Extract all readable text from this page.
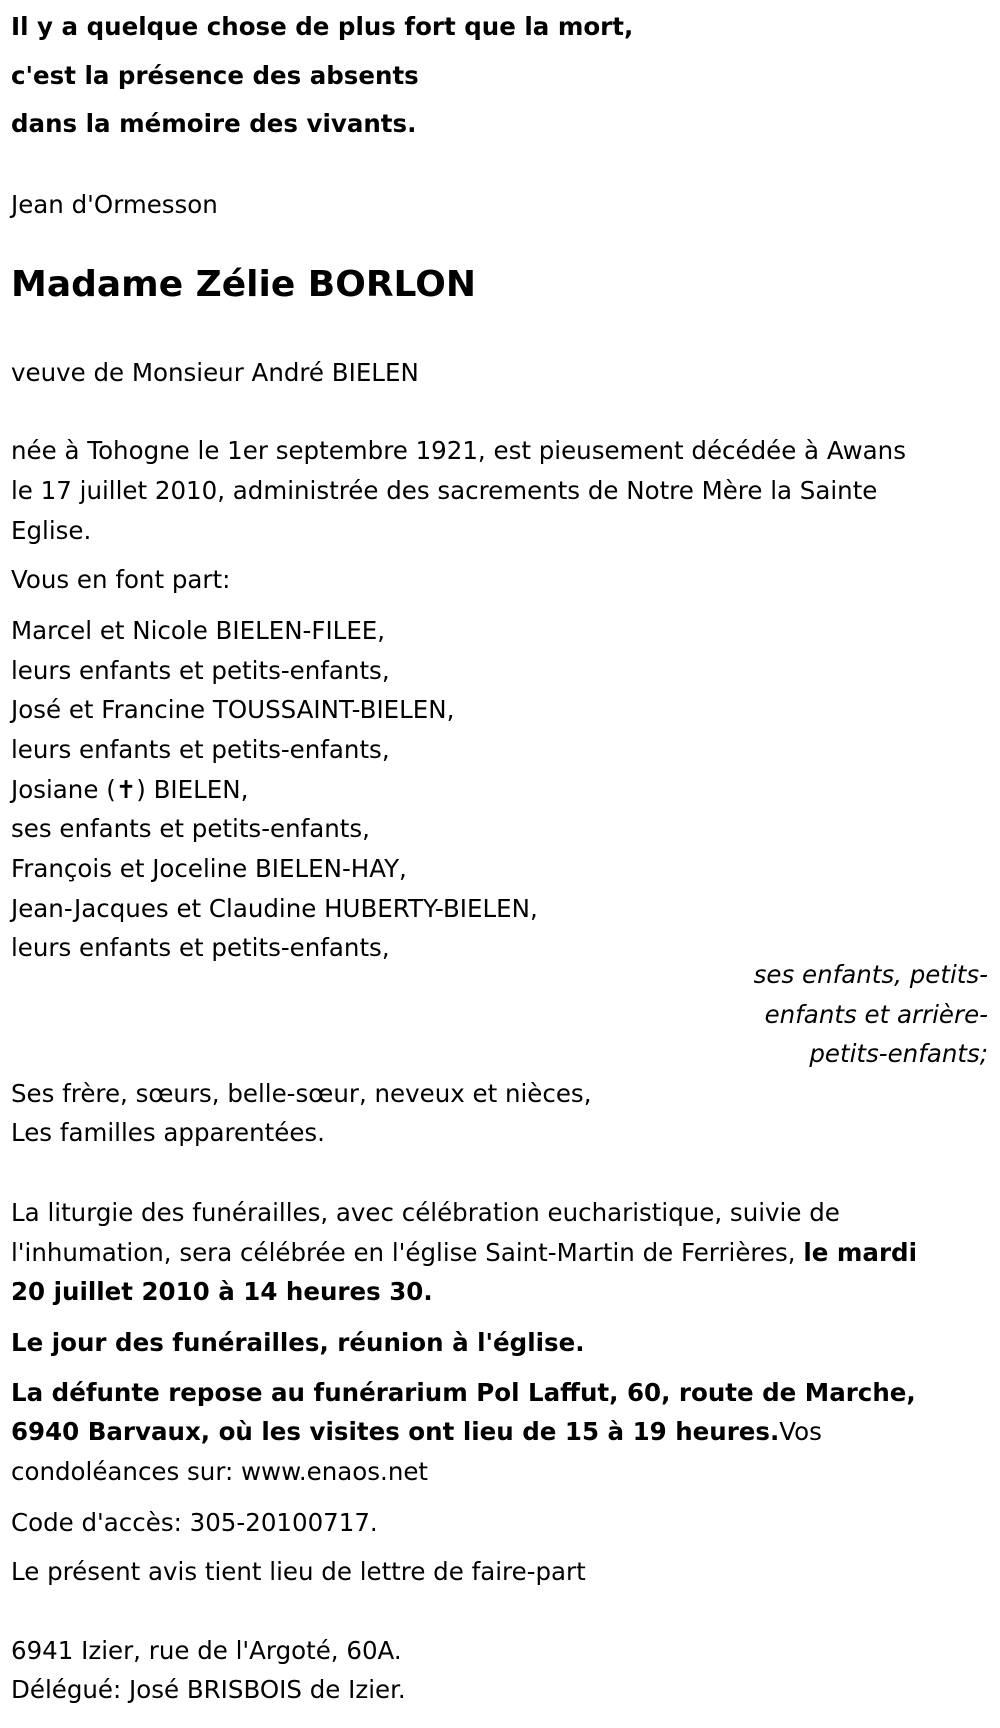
Il y a quelque chose de plus fort que la mort,
c'est la présence des absents
dans la mémoire des vivants.
Jean d'Ormesson
Madame Zélie BORLON
veuve de Monsieur André BIELEN
née à Tohogne le 1er septembre 1921, est pieusement décédée à Awans
le 17 juillet 2010, administrée des sacrements de Notre Mère la Sainte
Eglise.
Vous en font part:
Marcel et Nicole BIELEN-FILEE,
leurs enfants et petits-enfants,
José et Francine TOUSSAINT-BIELEN,
leurs enfants et petits-enfants,
Josiane (✝) BIELEN,
ses enfants et petits-enfants,
François et Joceline BIELEN-HAY,
Jean-Jacques et Claudine HUBERTY-BIELEN,
leurs enfants et petits-enfants,
ses enfants, petits-
enfants et arrière-
petits-enfants;
Ses frère, sœurs, belle-sœur, neveux et nièces,
Les familles apparentées.
La liturgie des funérailles, avec célébration eucharistique, suivie de
l'inhumation, sera célébrée en l'église Saint-Martin de Ferrières, le mardi
20 juillet 2010 à 14 heures 30.
Le jour des funérailles, réunion à l'église.
La défunte repose au funérarium Pol Laffut, 60, route de Marche,
6940 Barvaux, où les visites ont lieu de 15 à 19 heures.Vos
condoléances sur: www.enaos.net
Code d'accès: 305-20100717.
Le présent avis tient lieu de lettre de faire-part
6941 Izier, rue de l'Argoté, 60A.
Délégué: José BRISBOIS de Izier.
